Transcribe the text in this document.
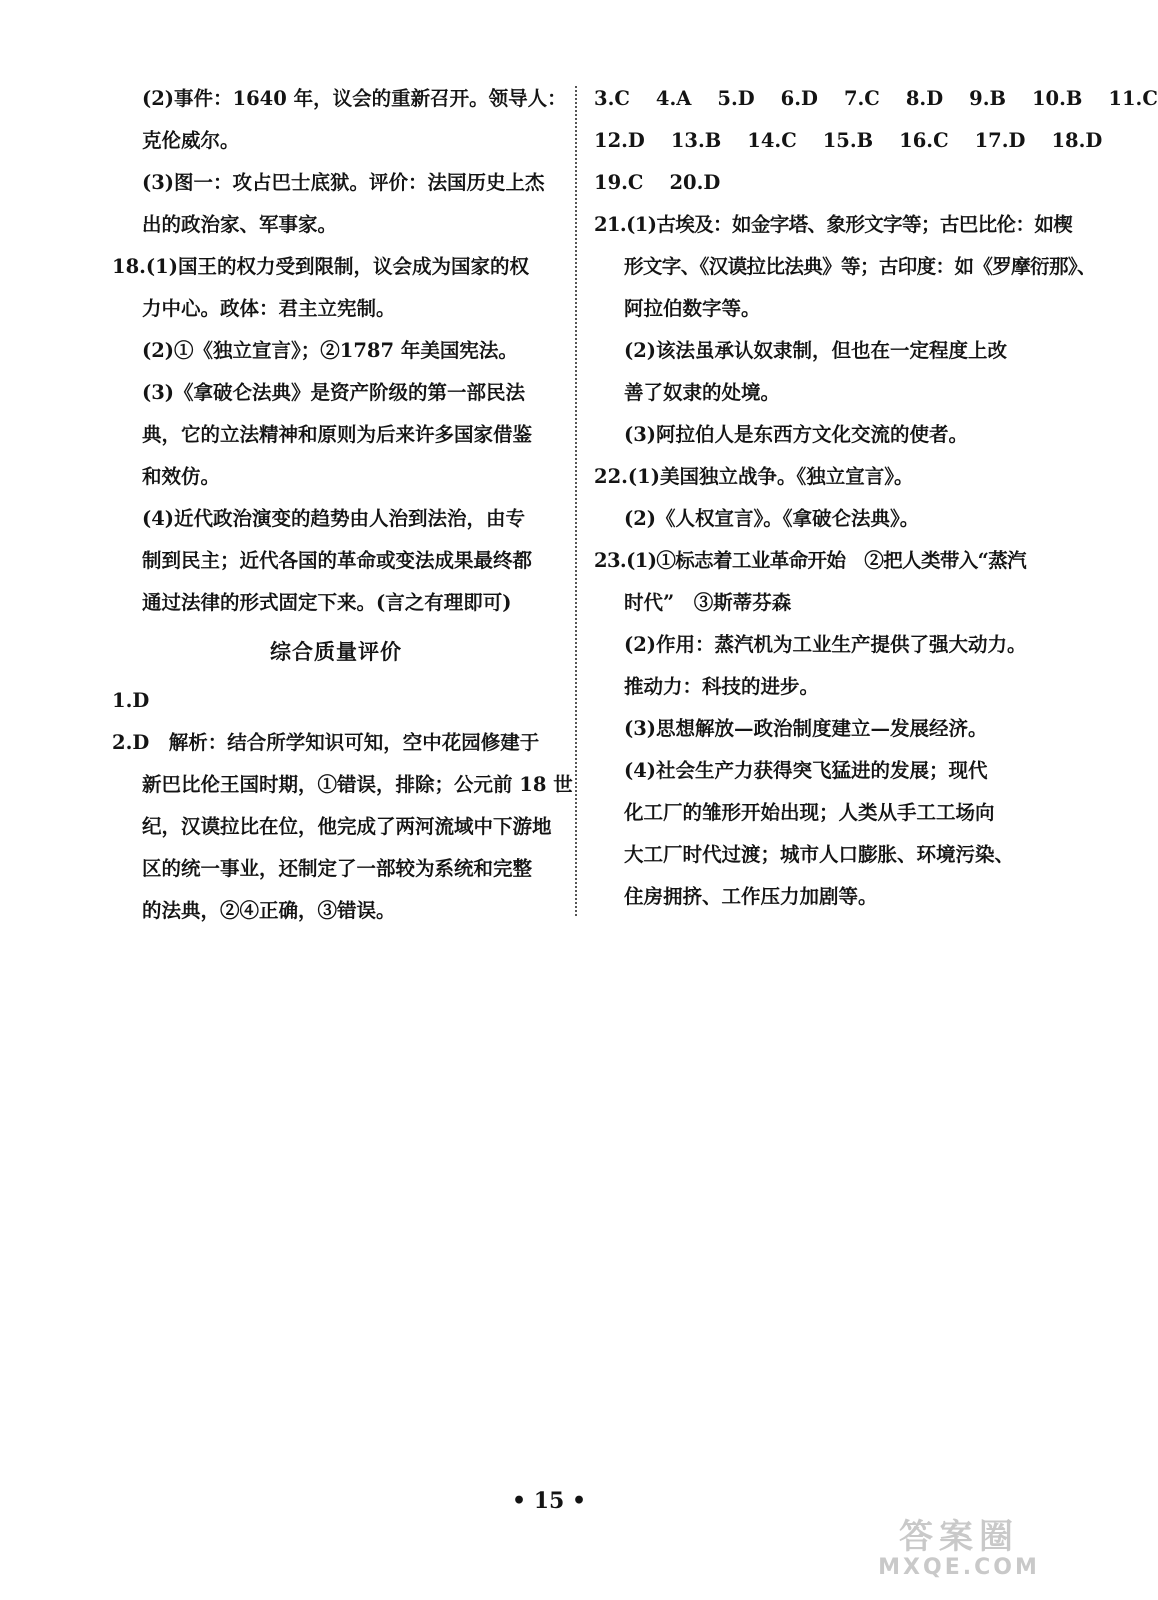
(2)事件：1640 年，议会的重新召开。领导人：
克伦威尔。
(3)图一：攻占巴士底狱。评价：法国历史上杰
出的政治家、军事家。
18.(1)国王的权力受到限制，议会成为国家的权
力中心。政体：君主立宪制。
(2)①《独立宣言》；②1787 年美国宪法。
(3)《拿破仑法典》是资产阶级的第一部民法
典，它的立法精神和原则为后来许多国家借鉴
和效仿。
(4)近代政治演变的趋势由人治到法治，由专
制到民主；近代各国的革命或变法成果最终都
通过法律的形式固定下来。(言之有理即可)
综合质量评价
1.D
2.D　解析：结合所学知识可知，空中花园修建于
新巴比伦王国时期，①错误，排除；公元前 18 世
纪，汉谟拉比在位，他完成了两河流域中下游地
区的统一事业，还制定了一部较为系统和完整
的法典，②④正确，③错误。
3.C 4.A 5.D 6.D 7.C 8.D 9.B 10.B 11.C
12.D 13.B 14.C 15.B 16.C 17.D 18.D
19.C 20.D
21.(1)古埃及：如金字塔、象形文字等；古巴比伦：如楔
形文字、《汉谟拉比法典》等；古印度：如《罗摩衍那》、
阿拉伯数字等。
(2)该法虽承认奴隶制，但也在一定程度上改
善了奴隶的处境。
(3)阿拉伯人是东西方文化交流的使者。
22.(1)美国独立战争。《独立宣言》。
(2)《人权宣言》。《拿破仑法典》。
23.(1)①标志着工业革命开始　②把人类带入“蒸汽
时代”　③斯蒂芬森
(2)作用：蒸汽机为工业生产提供了强大动力。
推动力：科技的进步。
(3)思想解放—政治制度建立—发展经济。
(4)社会生产力获得突飞猛进的发展；现代
化工厂的雏形开始出现；人类从手工工场向
大工厂时代过渡；城市人口膨胀、环境污染、
住房拥挤、工作压力加剧等。
• 15 •
答案圈
MXQE.COM
